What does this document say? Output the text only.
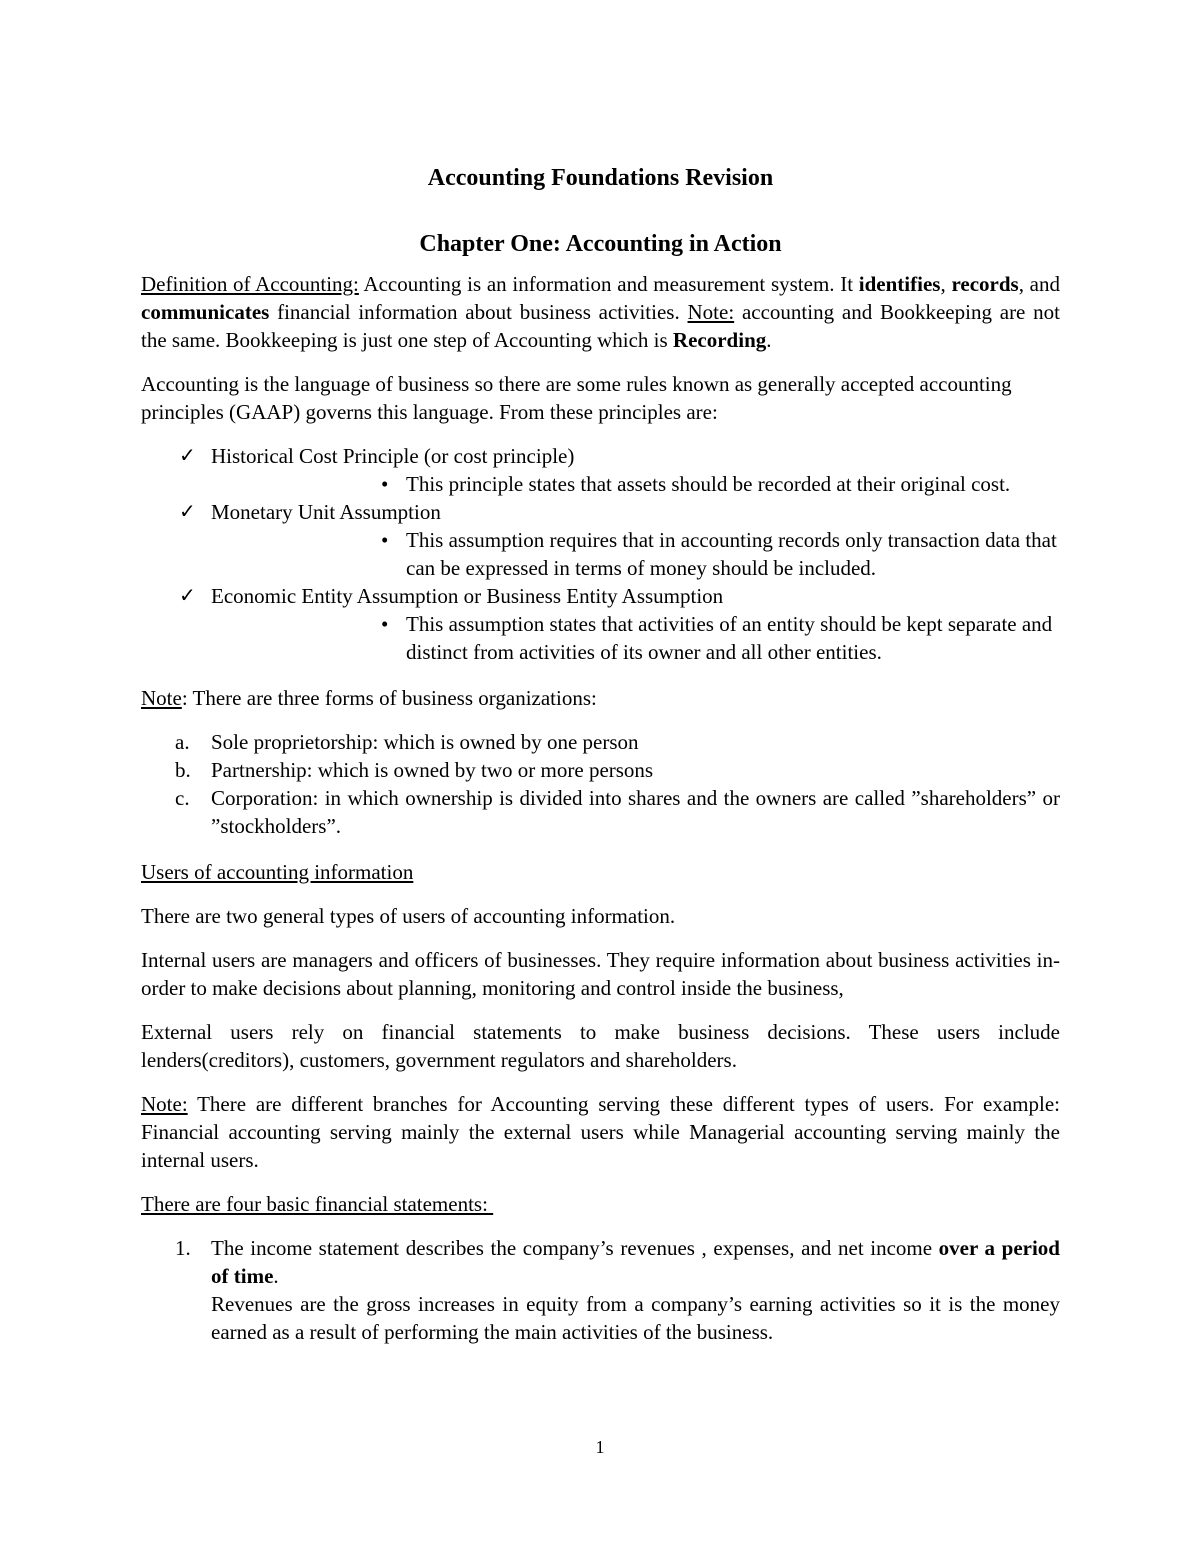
Accounting Foundations Revision
Chapter One: Accounting in Action

Definition of Accounting: Accounting is an information and measurement system. It identifies, records, and communicates financial information about business activities. Note: accounting and Bookkeeping are not the same. Bookkeeping is just one step of Accounting which is Recording.

Accounting is the language of business so there are some rules known as generally accepted accounting principles (GAAP) governs this language. From these principles are:

✓ Historical Cost Principle (or cost principle)
• This principle states that assets should be recorded at their original cost.
✓ Monetary Unit Assumption
• This assumption requires that in accounting records only transaction data that can be expressed in terms of money should be included.
✓ Economic Entity Assumption or Business Entity Assumption
• This assumption states that activities of an entity should be kept separate and distinct from activities of its owner and all other entities.

Note: There are three forms of business organizations:

a. Sole proprietorship: which is owned by one person
b. Partnership: which is owned by two or more persons
c. Corporation: in which ownership is divided into shares and the owners are called ”shareholders” or ”stockholders”.

Users of accounting information

There are two general types of users of accounting information.

Internal users are managers and officers of businesses. They require information about business activities in-order to make decisions about planning, monitoring and control inside the business,

External users rely on financial statements to make business decisions. These users include lenders(creditors), customers, government regulators and shareholders.

Note: There are different branches for Accounting serving these different types of users. For example: Financial accounting serving mainly the external users while Managerial accounting serving mainly the internal users.

There are four basic financial statements:

1. The income statement describes the company’s revenues , expenses, and net income over a period of time.
Revenues are the gross increases in equity from a company’s earning activities so it is the money earned as a result of performing the main activities of the business.
1
